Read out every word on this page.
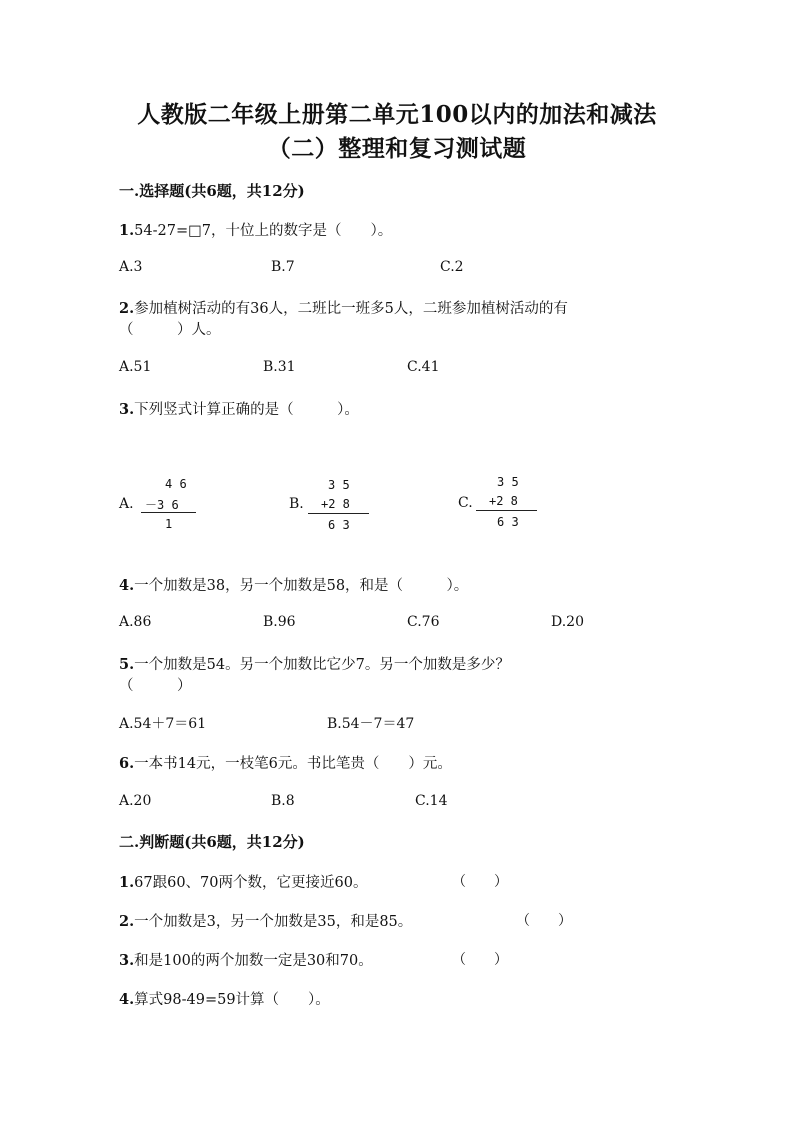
人教版二年级上册第二单元100以内的加法和减法
（二）整理和复习测试题
一.选择题(共6题，共12分)
1.54-27=□7，十位上的数字是（　　）。
A.3	B.7	C.2
2.参加植树活动的有36人，二班比一班多5人，二班参加植树活动的有
（　　　）人。
A.51	B.31	C.41
3.下列竖式计算正确的是（　　　）。
A.
4 6
－3 6
1
B.
3 5
+2 8
6 3
C.
3 5
+2 8
6 3
4.一个加数是38，另一个加数是58，和是（　　　）。
A.86	B.96	C.76	D.20
5.一个加数是54。另一个加数比它少7。另一个加数是多少？
（　　　）
A.54＋7＝61	B.54－7＝47
6.一本书14元，一枝笔6元。书比笔贵（　　）元。
A.20	B.8	C.14
二.判断题(共6题，共12分)
1.67跟60、70两个数，它更接近60。	（　　）
2.一个加数是3，另一个加数是35，和是85。	（　　）
3.和是100的两个加数一定是30和70。	（　　）
4.算式98-49=59计算（　　）。
